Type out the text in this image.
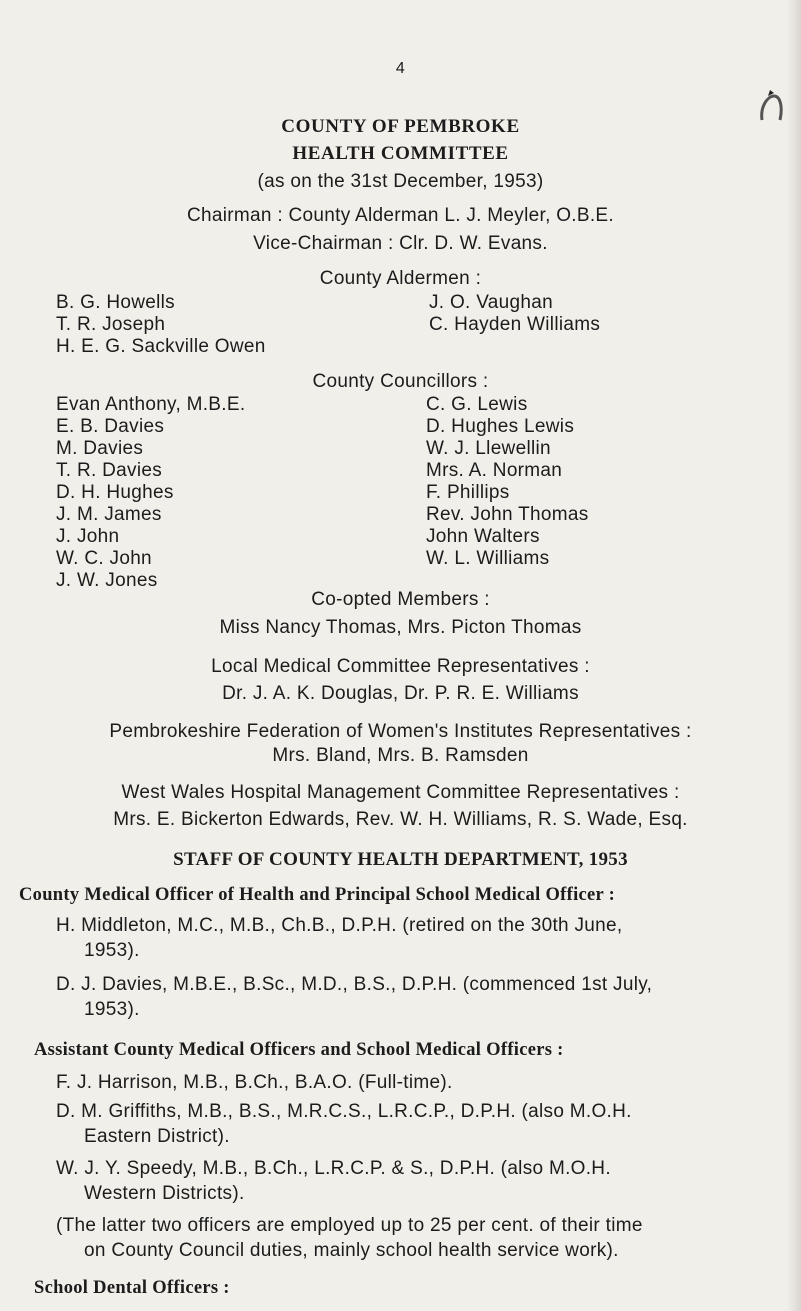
4
COUNTY OF PEMBROKE
HEALTH COMMITTEE
(as on the 31st December, 1953)
Chairman : County Alderman L. J. Meyler, O.B.E.
Vice-Chairman : Clr. D. W. Evans.
County Aldermen :
B. G. Howells
T. R. Joseph
H. E. G. Sackville Owen
J. O. Vaughan
C. Hayden Williams
County Councillors :
Evan Anthony, M.B.E.
E. B. Davies
M. Davies
T. R. Davies
D. H. Hughes
J. M. James
J. John
W. C. John
J. W. Jones
C. G. Lewis
D. Hughes Lewis
W. J. Llewellin
Mrs. A. Norman
F. Phillips
Rev. John Thomas
John Walters
W. L. Williams
Co-opted Members :
Miss Nancy Thomas, Mrs. Picton Thomas
Local Medical Committee Representatives :
Dr. J. A. K. Douglas, Dr. P. R. E. Williams
Pembrokeshire Federation of Women's Institutes Representatives :
Mrs. Bland, Mrs. B. Ramsden
West Wales Hospital Management Committee Representatives :
Mrs. E. Bickerton Edwards, Rev. W. H. Williams, R. S. Wade, Esq.
STAFF OF COUNTY HEALTH DEPARTMENT, 1953
County Medical Officer of Health and Principal School Medical Officer :
H. Middleton, M.C., M.B., Ch.B., D.P.H. (retired on the 30th June,
1953).
D. J. Davies, M.B.E., B.Sc., M.D., B.S., D.P.H. (commenced 1st July,
1953).
Assistant County Medical Officers and School Medical Officers :
F. J. Harrison, M.B., B.Ch., B.A.O. (Full-time).
D. M. Griffiths, M.B., B.S., M.R.C.S., L.R.C.P., D.P.H. (also M.O.H.
Eastern District).
W. J. Y. Speedy, M.B., B.Ch., L.R.C.P. & S., D.P.H. (also M.O.H.
Western Districts).
(The latter two officers are employed up to 25 per cent. of their time
on County Council duties, mainly school health service work).
School Dental Officers :
